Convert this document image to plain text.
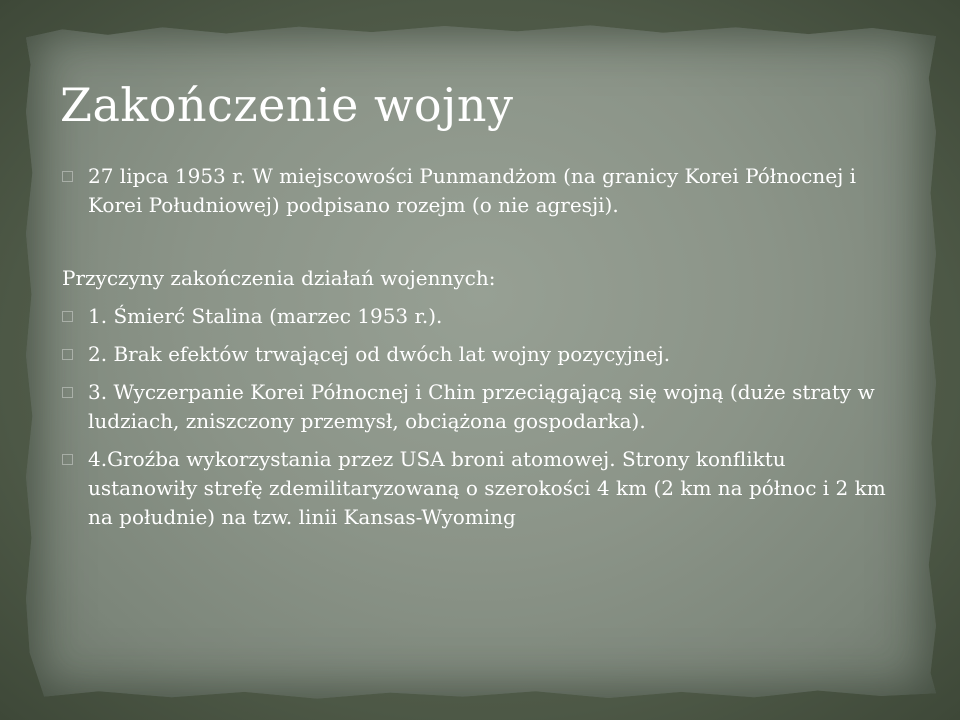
Zakończenie wojny
27 lipca 1953 r. W miejscowości Punmandżom (na granicy Korei Północnej i Korei Południowej) podpisano rozejm (o nie agresji).
Przyczyny zakończenia działań wojennych:
1. Śmierć Stalina (marzec 1953 r.).
2. Brak efektów trwającej od dwóch lat wojny pozycyjnej.
3. Wyczerpanie Korei Północnej i Chin przeciągającą się wojną (duże straty w ludziach, zniszczony przemysł, obciążona gospodarka).
4.Groźba wykorzystania przez USA broni atomowej. Strony konfliktu ustanowiły strefę zdemilitaryzowaną o szerokości 4 km (2 km na północ i 2 km na południe) na tzw. linii Kansas-Wyoming
